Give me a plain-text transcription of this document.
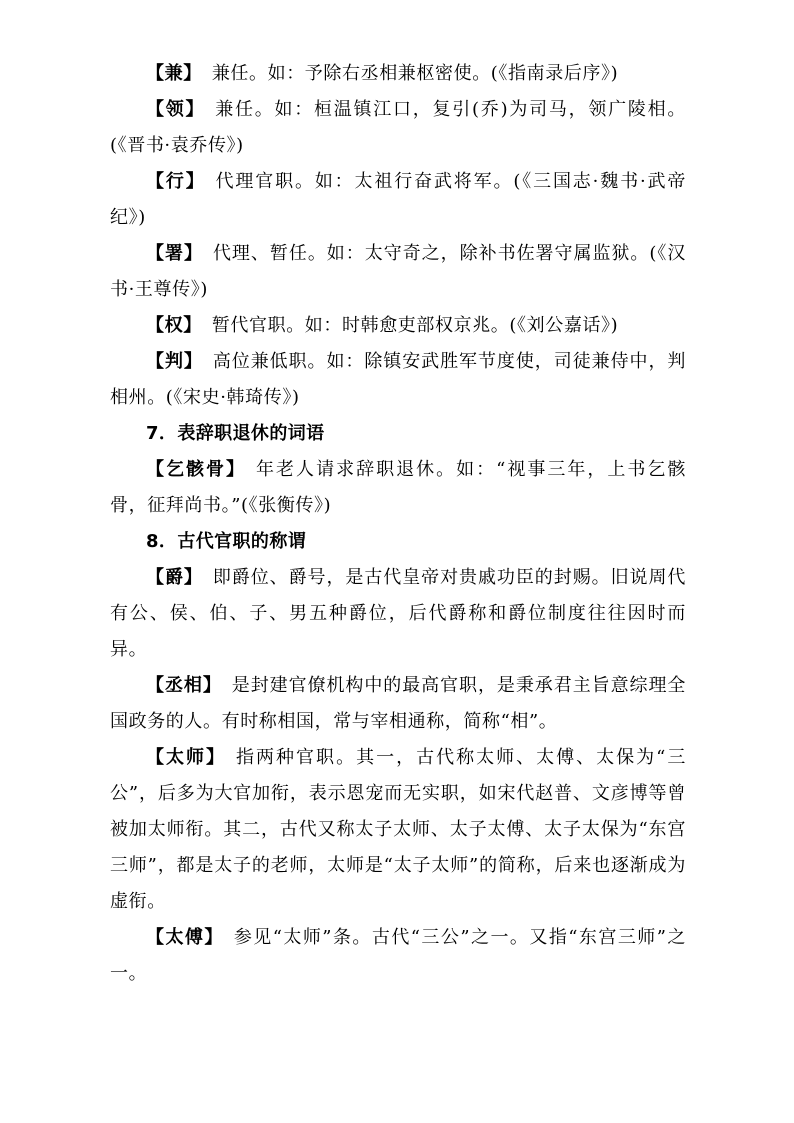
【兼】 兼任。如：予除右丞相兼枢密使。(《指南录后序》)

【领】 兼任。如：桓温镇江口，复引(乔)为司马，领广陵相。(《晋书·袁乔传》)

【行】 代理官职。如：太祖行奋武将军。(《三国志·魏书·武帝纪》)

【署】 代理、暂任。如：太守奇之，除补书佐署守属监狱。(《汉书·王尊传》)

【权】 暂代官职。如：时韩愈吏部权京兆。(《刘公嘉话》)

【判】 高位兼低职。如：除镇安武胜军节度使，司徒兼侍中，判相州。(《宋史·韩琦传》)

7．表辞职退休的词语

【乞骸骨】 年老人请求辞职退休。如：“视事三年，上书乞骸骨，征拜尚书。”(《张衡传》)

8．古代官职的称谓

【爵】 即爵位、爵号，是古代皇帝对贵戚功臣的封赐。旧说周代有公、侯、伯、子、男五种爵位，后代爵称和爵位制度往往因时而异。

【丞相】 是封建官僚机构中的最高官职，是秉承君主旨意综理全国政务的人。有时称相国，常与宰相通称，简称“相”。

【太师】 指两种官职。其一，古代称太师、太傅、太保为“三公”，后多为大官加衔，表示恩宠而无实职，如宋代赵普、文彦博等曾被加太师衔。其二，古代又称太子太师、太子太傅、太子太保为“东宫三师”，都是太子的老师，太师是“太子太师”的简称，后来也逐渐成为虚衔。

【太傅】 参见“太师”条。古代“三公”之一。又指“东宫三师”之一。
